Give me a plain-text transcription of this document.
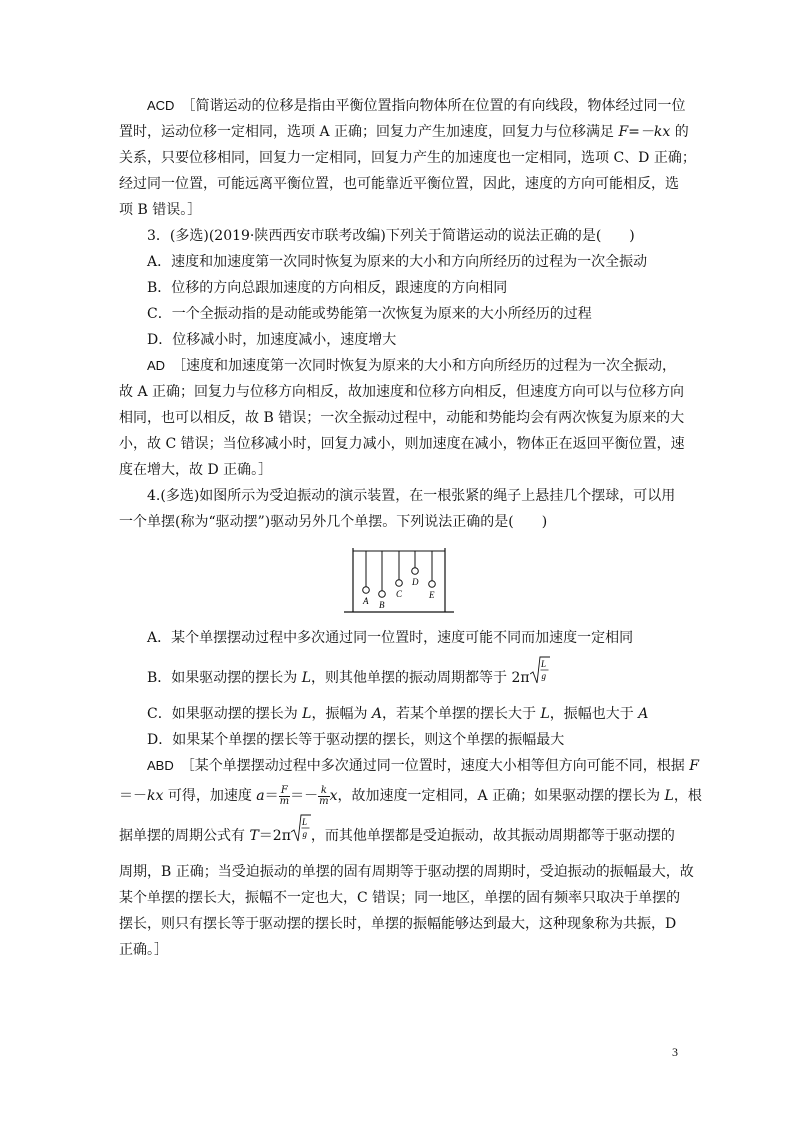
ACD　 ［简谐运动的位移是指由平衡位置指向物体所在位置的有向线段，物体经过同一位

置时，运动位移一定相同，选项 A 正确；回复力产生加速度，回复力与位移满足 F=－kx 的

关系，只要位移相同，回复力一定相同，回复力产生的加速度也一定相同，选项 C、D 正确；

经过同一位置，可能远离平衡位置，也可能靠近平衡位置，因此，速度的方向可能相反，选

项 B 错误。］

3．(多选)(2019·陕西西安市联考改编)下列关于简谐运动的说法正确的是(　　)

A．速度和加速度第一次同时恢复为原来的大小和方向所经历的过程为一次全振动

B．位移的方向总跟加速度的方向相反，跟速度的方向相同

C．一个全振动指的是动能或势能第一次恢复为原来的大小所经历的过程

D．位移减小时，加速度减小，速度增大

AD　 ［速度和加速度第一次同时恢复为原来的大小和方向所经历的过程为一次全振动，

故 A 正确；回复力与位移方向相反，故加速度和位移方向相反，但速度方向可以与位移方向

相同，也可以相反，故 B 错误；一次全振动过程中，动能和势能均会有两次恢复为原来的大

小，故 C 错误；当位移减小时，回复力减小，则加速度在减小，物体正在返回平衡位置，速

度在增大，故 D 正确。］

4.(多选)如图所示为受迫振动的演示装置，在一根张紧的绳子上悬挂几个摆球，可以用

一个单摆(称为“驱动摆”)驱动另外几个单摆。下列说法正确的是(　　)

A B
C
D
E

A．某个单摆摆动过程中多次通过同一位置时，速度可能不同而加速度一定相同

B．如果驱动摆的摆长为 L，则其他单摆的振动周期都等于 2π
L
g

C．如果驱动摆的摆长为 L，振幅为 A，若某个单摆的摆长大于 L，振幅也大于 A

D．如果某个单摆的摆长等于驱动摆的摆长，则这个单摆的振幅最大

ABD　 ［某个单摆摆动过程中多次通过同一位置时，速度大小相等但方向可能不同，根据 F

＝－kx 可得，加速度 $a= \frac{F}{m} =- \frac{k}{m}$ x，故加速度一定相同，A 正确；如果驱动摆的摆长为 L，根

据单摆的周期公式有 T＝2π
L
g ，而其他单摆都是受迫振动，故其振动周期都等于驱动摆的

周期，B 正确；当受迫振动的单摆的固有周期等于驱动摆的周期时，受迫振动的振幅最大，故

某个单摆的摆长大，振幅不一定也大，C 错误；同一地区，单摆的固有频率只取决于单摆的

摆长，则只有摆长等于驱动摆的摆长时，单摆的振幅能够达到最大，这种现象称为共振，D

正确。］

3
